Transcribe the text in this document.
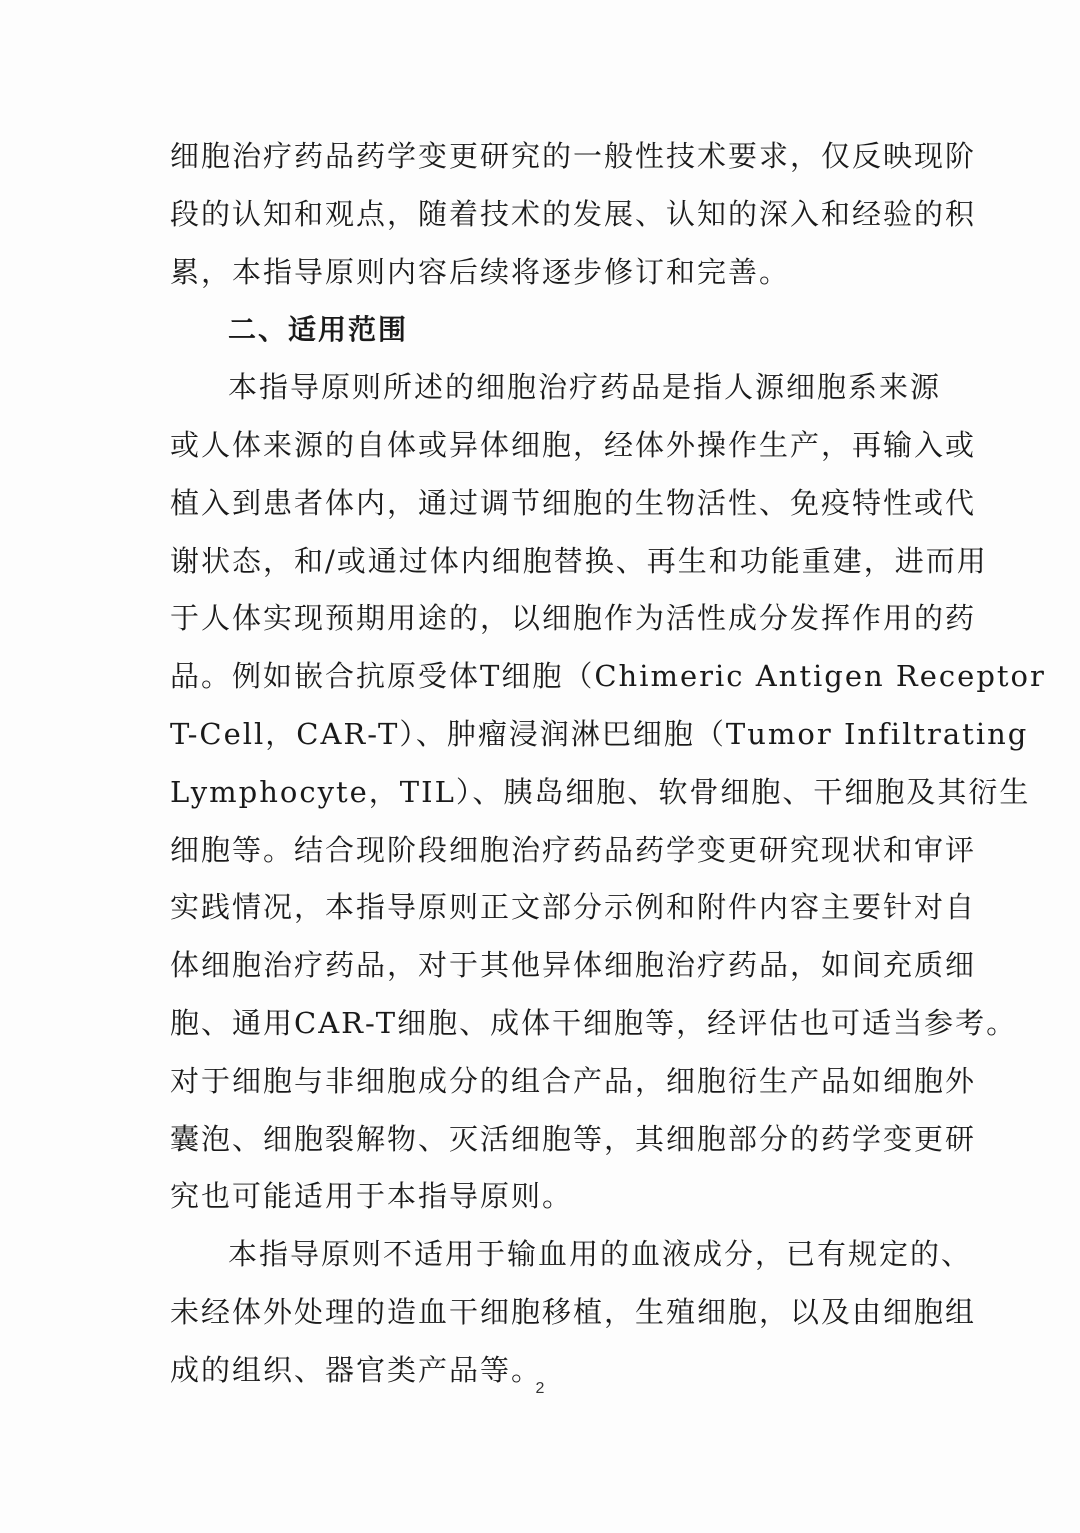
细胞治疗药品药学变更研究的一般性技术要求，仅反映现阶
段的认知和观点，随着技术的发展、认知的深入和经验的积
累，本指导原则内容后续将逐步修订和完善。
二、适用范围
本指导原则所述的细胞治疗药品是指人源细胞系来源
或人体来源的自体或异体细胞，经体外操作生产，再输入或
植入到患者体内，通过调节细胞的生物活性、免疫特性或代
谢状态，和/或通过体内细胞替换、再生和功能重建，进而用
于人体实现预期用途的，以细胞作为活性成分发挥作用的药
品。例如嵌合抗原受体T细胞（Chimeric Antigen Receptor
T-Cell，CAR-T）、肿瘤浸润淋巴细胞（Tumor Infiltrating
Lymphocyte，TIL）、胰岛细胞、软骨细胞、干细胞及其衍生
细胞等。结合现阶段细胞治疗药品药学变更研究现状和审评
实践情况，本指导原则正文部分示例和附件内容主要针对自
体细胞治疗药品，对于其他异体细胞治疗药品，如间充质细
胞、通用CAR-T细胞、成体干细胞等，经评估也可适当参考。
对于细胞与非细胞成分的组合产品，细胞衍生产品如细胞外
囊泡、细胞裂解物、灭活细胞等，其细胞部分的药学变更研
究也可能适用于本指导原则。
本指导原则不适用于输血用的血液成分，已有规定的、
未经体外处理的造血干细胞移植，生殖细胞，以及由细胞组
成的组织、器官类产品等。
2
